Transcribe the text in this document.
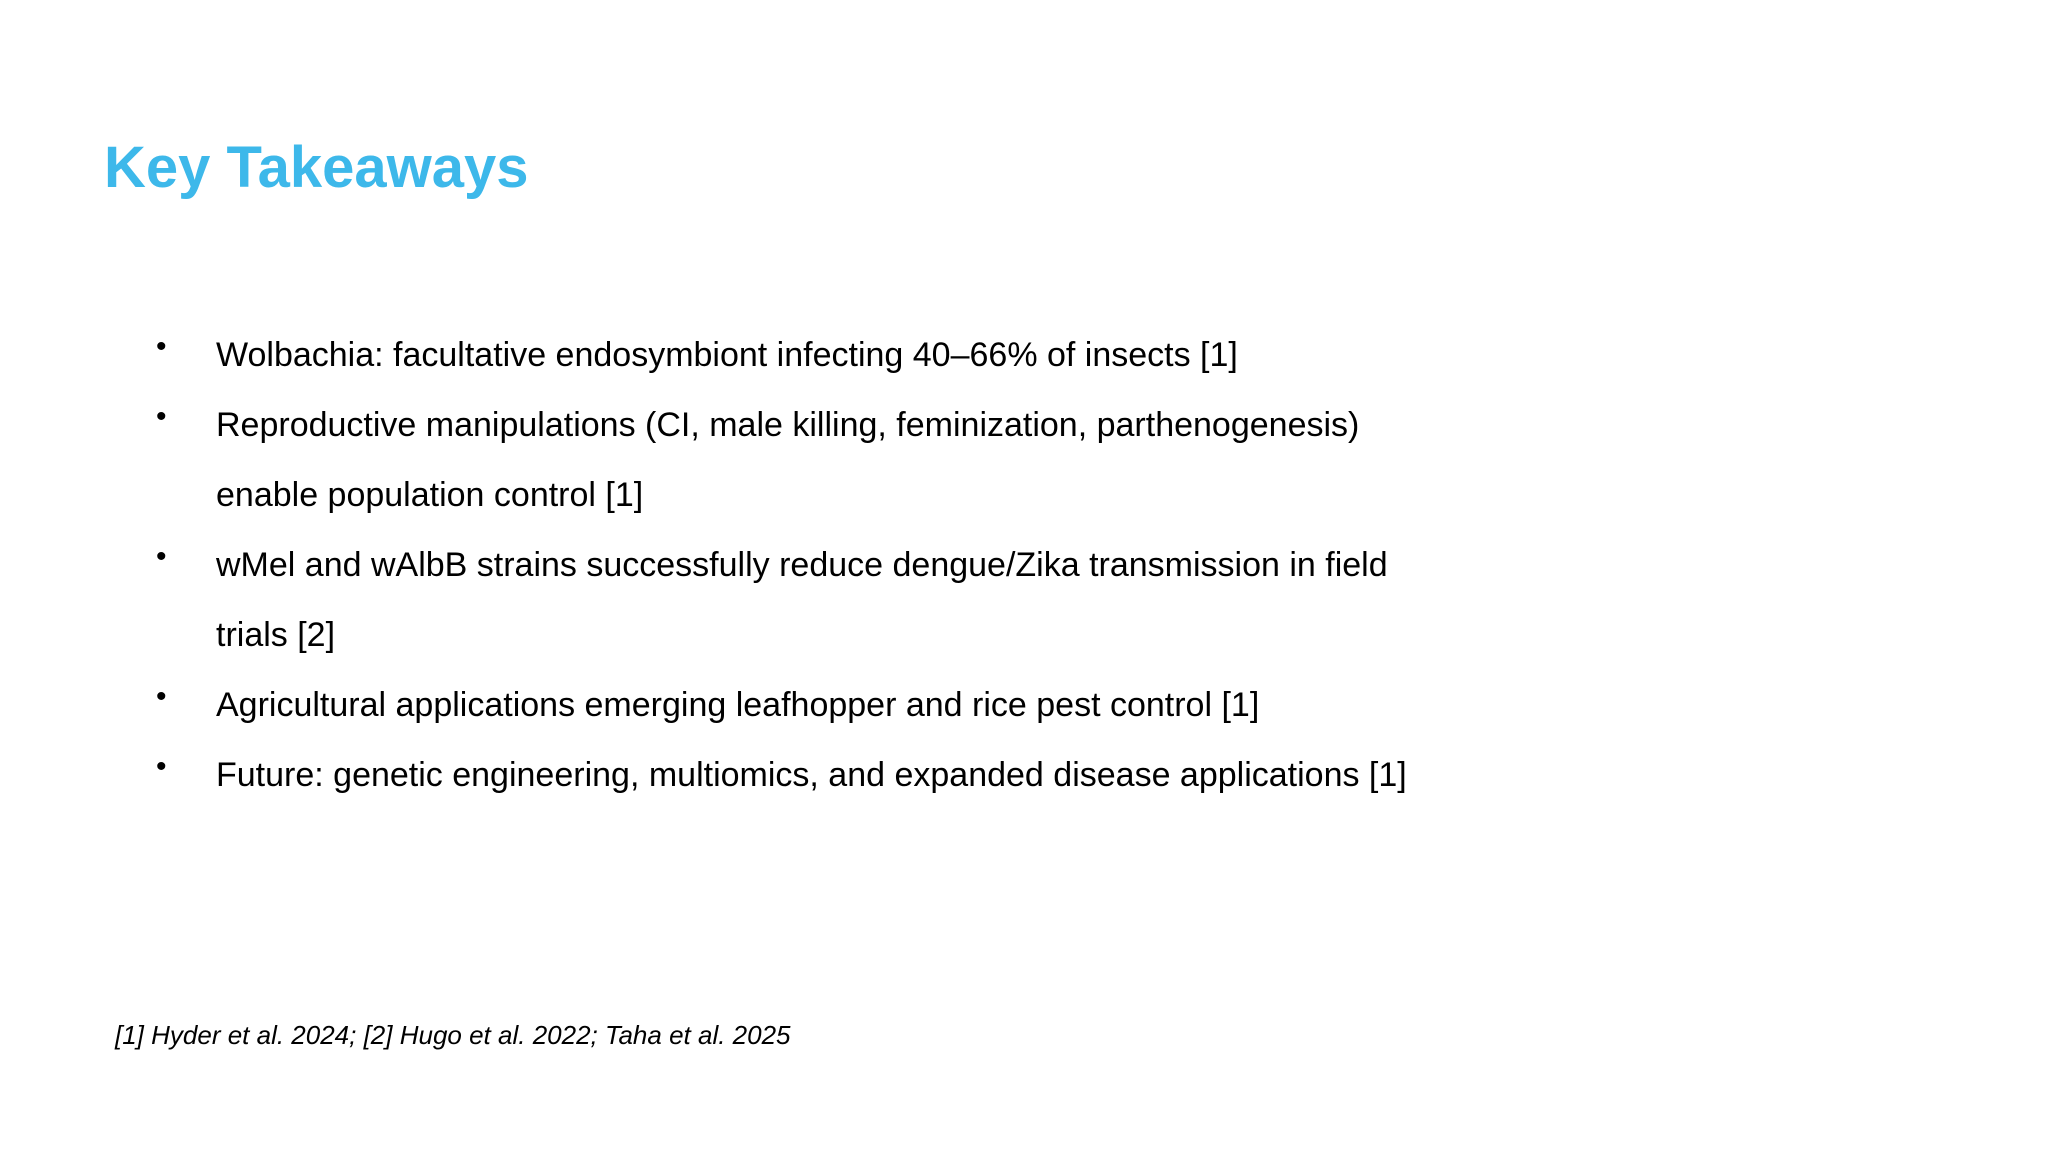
Key Takeaways
• Wolbachia: facultative endosymbiont infecting 40–66% of insects [1]
• Reproductive manipulations (CI, male killing, feminization, parthenogenesis) enable population control [1]
• wMel and wAlbB strains successfully reduce dengue/Zika transmission in field trials [2]
• Agricultural applications emerging leafhopper and rice pest control [1]
• Future: genetic engineering, multiomics, and expanded disease applications [1]
[1] Hyder et al. 2024; [2] Hugo et al. 2022; Taha et al. 2025
